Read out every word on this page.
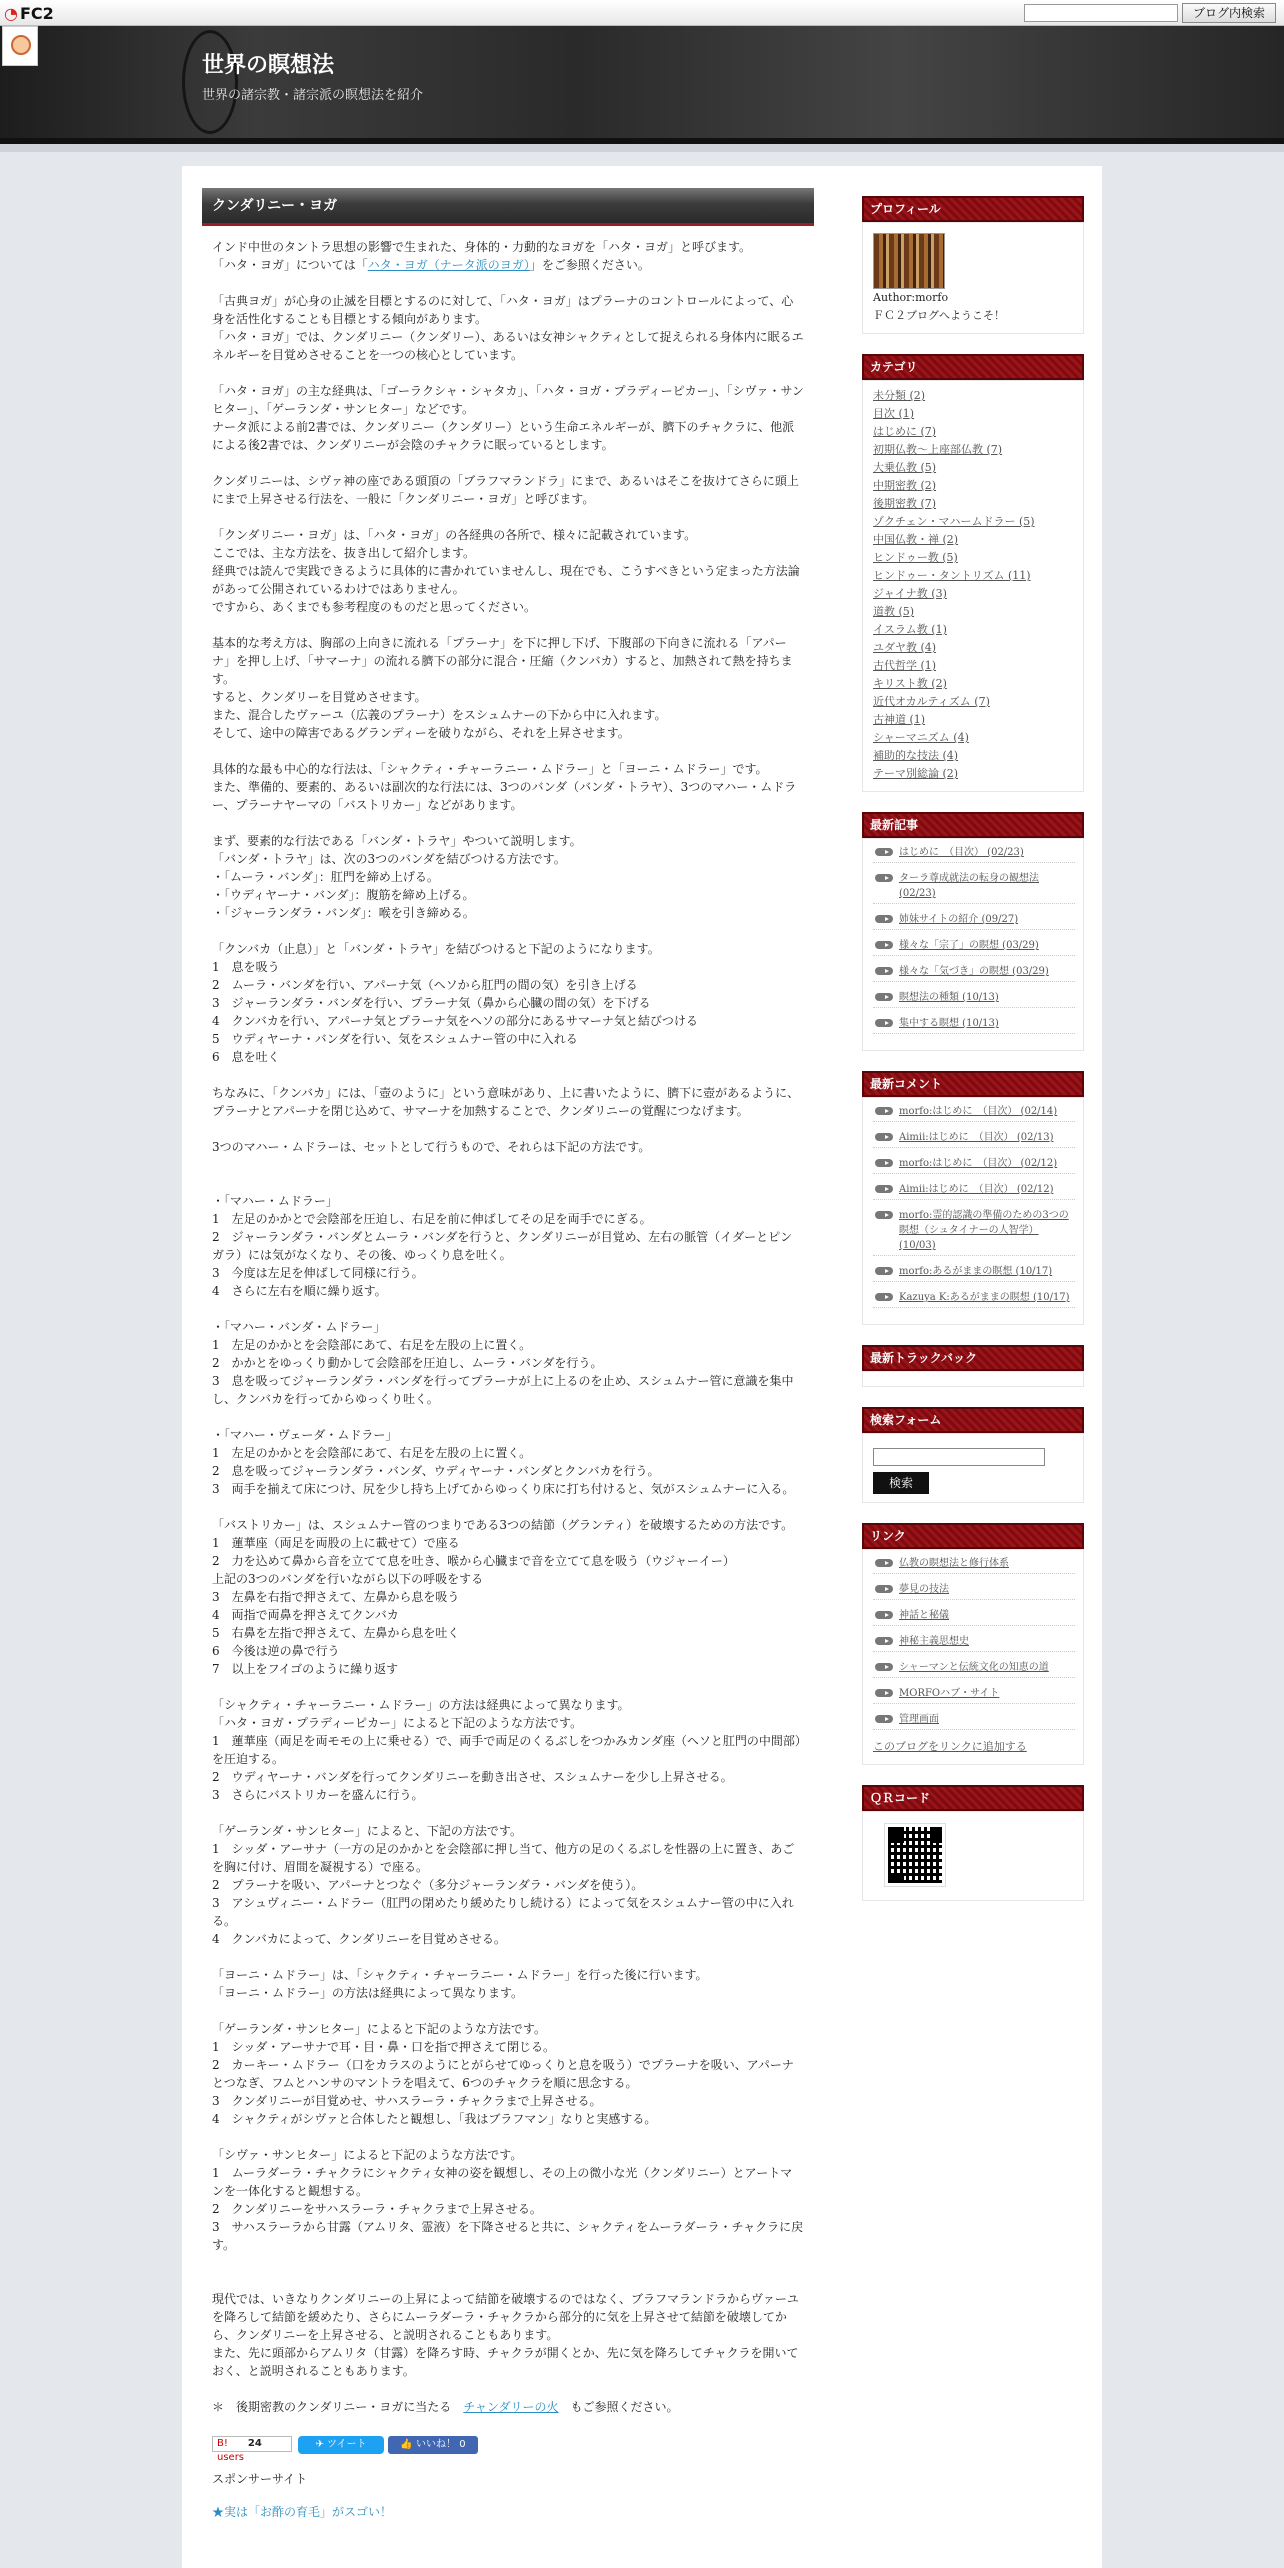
◔ FC2	ブログ内検索
世界の瞑想法
世界の諸宗教・諸宗派の瞑想法を紹介
クンダリニー・ヨガ

インド中世のタントラ思想の影響で生まれた、身体的・力動的なヨガを「ハタ・ヨガ」と呼びます。
「ハタ・ヨガ」については「ハタ・ヨガ（ナータ派のヨガ）」をご参照ください。

「古典ヨガ」が心身の止滅を目標とするのに対して、「ハタ・ヨガ」はプラーナのコントロールによって、心身を活性化することも目標とする傾向があります。
「ハタ・ヨガ」では、クンダリニー（クンダリー）、あるいは女神シャクティとして捉えられる身体内に眠るエネルギーを目覚めさせることを一つの核心としています。

「ハタ・ヨガ」の主な経典は、「ゴーラクシャ・シャタカ」、「ハタ・ヨガ・プラディーピカー」、「シヴァ・サンヒター」、「ゲーランダ・サンヒター」などです。
ナータ派による前2書では、クンダリニー（クンダリー）という生命エネルギーが、臍下のチャクラに、他派による後2書では、クンダリニーが会陰のチャクラに眠っているとします。

クンダリニーは、シヴァ神の座である頭頂の「ブラフマランドラ」にまで、あるいはそこを抜けてさらに頭上にまで上昇させる行法を、一般に「クンダリニー・ヨガ」と呼びます。

「クンダリニー・ヨガ」は、「ハタ・ヨガ」の各経典の各所で、様々に記載されています。
ここでは、主な方法を、抜き出して紹介します。
経典では読んで実践できるように具体的に書かれていませんし、現在でも、こうすべきという定まった方法論があって公開されているわけではありません。
ですから、あくまでも参考程度のものだと思ってください。

基本的な考え方は、胸部の上向きに流れる「プラーナ」を下に押し下げ、下腹部の下向きに流れる「アパーナ」を押し上げ、「サマーナ」の流れる臍下の部分に混合・圧縮（クンバカ）すると、加熱されて熱を持ちます。
すると、クンダリーを目覚めさせます。
また、混合したヴァーユ（広義のプラーナ）をスシュムナーの下から中に入れます。
そして、途中の障害であるグランディーを破りながら、それを上昇させます。

具体的な最も中心的な行法は、「シャクティ・チャーラニー・ムドラー」と「ヨーニ・ムドラー」です。
また、準備的、要素的、あるいは副次的な行法には、3つのバンダ（バンダ・トラヤ）、3つのマハー・ムドラー、プラーナヤーマの「バストリカー」などがあります。

まず、要素的な行法である「バンダ・トラヤ」やついて説明します。
「バンダ・トラヤ」は、次の3つのバンダを結びつける方法です。
・「ムーラ・バンダ」：肛門を締め上げる。
・「ウディヤーナ・バンダ」：腹筋を締め上げる。
・「ジャーランダラ・バンダ」：喉を引き締める。

「クンバカ（止息）」と「バンダ・トラヤ」を結びつけると下記のようになります。
1　息を吸う
2　ムーラ・バンダを行い、アパーナ気（ヘソから肛門の間の気）を引き上げる
3　ジャーランダラ・バンダを行い、プラーナ気（鼻から心臓の間の気）を下げる
4　クンバカを行い、アパーナ気とプラーナ気をヘソの部分にあるサマーナ気と結びつける
5　ウディヤーナ・バンダを行い、気をスシュムナー管の中に入れる
6　息を吐く

ちなみに、「クンバカ」には、「壺のように」という意味があり、上に書いたように、臍下に壺があるように、プラーナとアパーナを閉じ込めて、サマーナを加熱することで、クンダリニーの覚醒につなげます。

3つのマハー・ムドラーは、セットとして行うもので、それらは下記の方法です。

・「マハー・ムドラー」
1　左足のかかとで会陰部を圧迫し、右足を前に伸ばしてその足を両手でにぎる。
2　ジャーランダラ・バンダとムーラ・バンダを行うと、クンダリニーが目覚め、左右の脈管（イダーとピンガラ）には気がなくなり、その後、ゆっくり息を吐く。
3　今度は左足を伸ばして同様に行う。
4　さらに左右を順に繰り返す。

・「マハー・バンダ・ムドラー」
1　左足のかかとを会陰部にあて、右足を左股の上に置く。
2　かかとをゆっくり動かして会陰部を圧迫し、ムーラ・バンダを行う。
3　息を吸ってジャーランダラ・バンダを行ってプラーナが上に上るのを止め、スシュムナー管に意識を集中し、クンバカを行ってからゆっくり吐く。

・「マハー・ヴェーダ・ムドラー」
1　左足のかかとを会陰部にあて、右足を左股の上に置く。
2　息を吸ってジャーランダラ・バンダ、ウディヤーナ・バンダとクンバカを行う。
3　両手を揃えて床につけ、尻を少し持ち上げてからゆっくり床に打ち付けると、気がスシュムナーに入る。

「バストリカー」は、スシュムナー管のつまりである3つの結節（グランティ）を破壊するための方法です。
1　蓮華座（両足を両股の上に載せて）で座る
2　力を込めて鼻から音を立てて息を吐き、喉から心臓まで音を立てて息を吸う（ウジャーイー）
上記の3つのバンダを行いながら以下の呼吸をする
3　左鼻を右指で押さえて、左鼻から息を吸う
4　両指で両鼻を押さえてクンバカ
5　右鼻を左指で押さえて、左鼻から息を吐く
6　今後は逆の鼻で行う
7　以上をフイゴのように繰り返す

「シャクティ・チャーラニー・ムドラー」の方法は経典によって異なります。
「ハタ・ヨガ・プラディーピカー」によると下記のような方法です。
1　蓮華座（両足を両モモの上に乗せる）で、両手で両足のくるぶしをつかみカンダ座（ヘソと肛門の中間部）を圧迫する。
2　ウディヤーナ・バンダを行ってクンダリニーを動き出させ、スシュムナーを少し上昇させる。
3　さらにバストリカーを盛んに行う。

「ゲーランダ・サンヒター」によると、下記の方法です。
1　シッダ・アーサナ（一方の足のかかとを会陰部に押し当て、他方の足のくるぶしを性器の上に置き、あごを胸に付け、眉間を凝視する）で座る。
2　プラーナを吸い、アパーナとつなぐ（多分ジャーランダラ・バンダを使う）。
3　アシュヴィニー・ムドラー（肛門の閉めたり緩めたりし続ける）によって気をスシュムナー管の中に入れる。
4　クンバカによって、クンダリニーを目覚めさせる。

「ヨーニ・ムドラー」は、「シャクティ・チャーラニー・ムドラー」を行った後に行います。
「ヨーニ・ムドラー」の方法は経典によって異なります。

「ゲーランダ・サンヒター」によると下記のような方法です。
1　シッダ・アーサナで耳・目・鼻・口を指で押さえて閉じる。
2　カーキー・ムドラー（口をカラスのようにとがらせてゆっくりと息を吸う）でプラーナを吸い、アパーナとつなぎ、フムとハンサのマントラを唱えて、6つのチャクラを順に思念する。
3　クンダリニーが目覚めせ、サハスラーラ・チャクラまで上昇させる。
4　シャクティがシヴァと合体したと観想し、「我はブラフマン」なりと実感する。

「シヴァ・サンヒター」によると下記のような方法です。
1　ムーラダーラ・チャクラにシャクティ女神の姿を観想し、その上の微小な光（クンダリニー）とアートマンを一体化すると観想する。
2　クンダリニーをサハスラーラ・チャクラまで上昇させる。
3　サハスラーラから甘露（アムリタ、霊液）を下降させると共に、シャクティをムーラダーラ・チャクラに戻す。

現代では、いきなりクンダリニーの上昇によって結節を破壊するのではなく、ブラフマランドラからヴァーユを降ろして結節を緩めたり、さらにムーラダーラ・チャクラから部分的に気を上昇させて結節を破壊してから、クンダリニーを上昇させる、と説明されることもあります。
また、先に頭部からアムリタ（甘露）を降ろす時、チャクラが開くとか、先に気を降ろしてチャクラを開いておく、と説明されることもあります。

＊　後期密教のクンダリニー・ヨガに当たる　チャンダリーの火　もご参照ください。

B! 24 users
✈ ツイート	👍 いいね！ 0
スポンサーサイト
★実は「お酢の育毛」がスゴい！
プロフィール
Author:morfo
ＦＣ２ブログへようこそ！
カテゴリ
未分類 (2)
目次 (1)
はじめに (7)
初期仏教～上座部仏教 (7)
大乗仏教 (5)
中期密教 (2)
後期密教 (7)
ゾクチェン・マハームドラー (5)
中国仏教・禅 (2)
ヒンドゥー教 (5)
ヒンドゥー・タントリズム (11)
ジャイナ教 (3)
道教 (5)
イスラム教 (1)
ユダヤ教 (4)
古代哲学 (1)
キリスト教 (2)
近代オカルティズム (7)
古神道 (1)
シャーマニズム (4)
補助的な技法 (4)
テーマ別総論 (2)
最新記事
はじめに　（目次） (02/23)
ターラ尊成就法の転身の観想法 (02/23)
姉妹サイトの紹介 (09/27)
様々な「宗了」の瞑想 (03/29)
様々な「気づき」の瞑想 (03/29)
瞑想法の種類 (10/13)
集中する瞑想 (10/13)
最新コメント
morfo:はじめに　（目次） (02/14)
Aimii:はじめに　（目次） (02/13)
morfo:はじめに　（目次） (02/12)
Aimii:はじめに　（目次） (02/12)
morfo:霊的認識の準備のための3つの瞑想（シュタイナーの人智学） (10/03)
morfo:あるがままの瞑想 (10/17)
Kazuya K:あるがままの瞑想 (10/17)
最新トラックバック
検索フォーム
検索
リンク
仏教の瞑想法と修行体系
夢見の技法
神話と秘儀
神秘主義思想史
シャーマンと伝統文化の知恵の道
MORFOハブ・サイト
管理画面
このブログをリンクに追加する
ＱＲコード
